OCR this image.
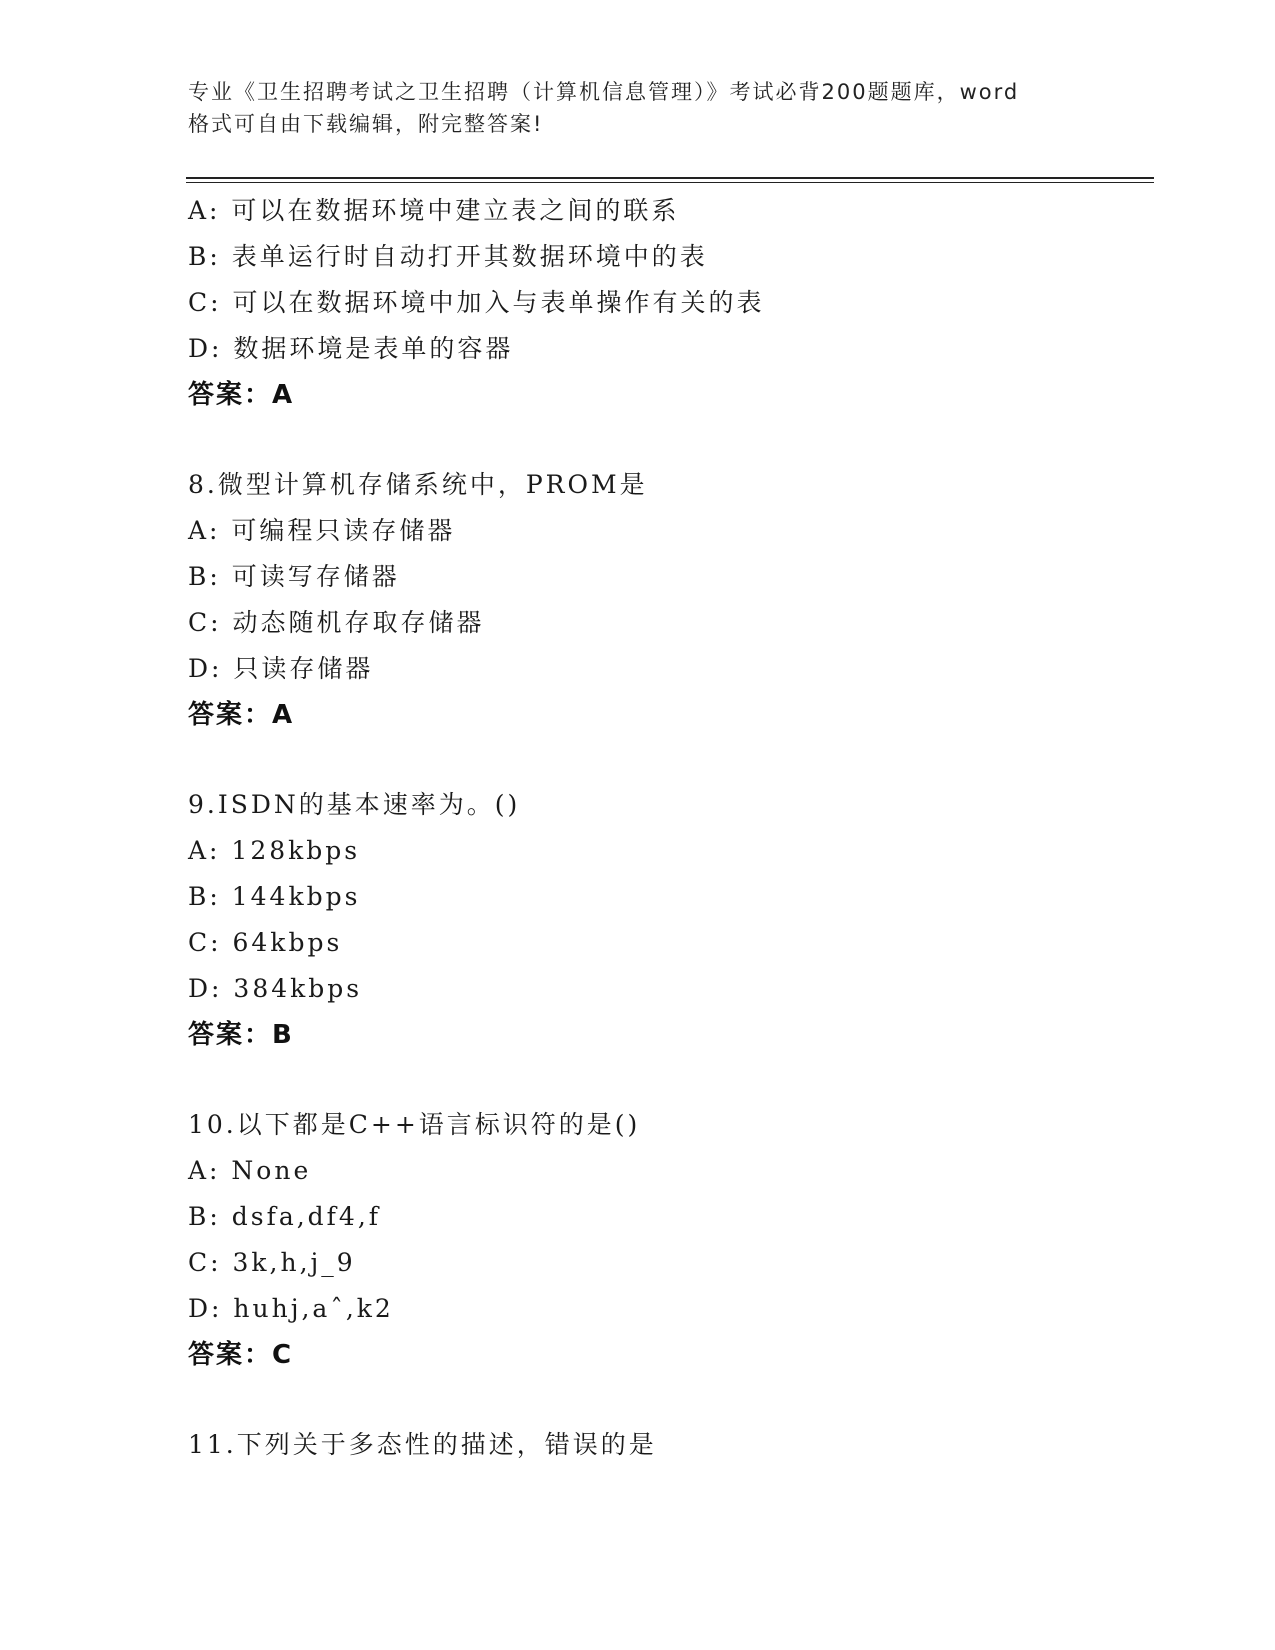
专业《卫生招聘考试之卫生招聘（计算机信息管理）》考试必背200题题库，word
格式可自由下载编辑，附完整答案!
A: 可以在数据环境中建立表之间的联系
B: 表单运行时自动打开其数据环境中的表
C: 可以在数据环境中加入与表单操作有关的表
D: 数据环境是表单的容器
答案：A
8.微型计算机存储系统中，PROM是
A: 可编程只读存储器
B: 可读写存储器
C: 动态随机存取存储器
D: 只读存储器
答案：A
9.ISDN的基本速率为。()
A: 128kbps
B: 144kbps
C: 64kbps
D: 384kbps
答案：B
10.以下都是C++语言标识符的是()
A: None
B: dsfa,df4,f
C: 3k,h,j_9
D: huhj,aˆ,k2
答案：C
11.下列关于多态性的描述，错误的是
